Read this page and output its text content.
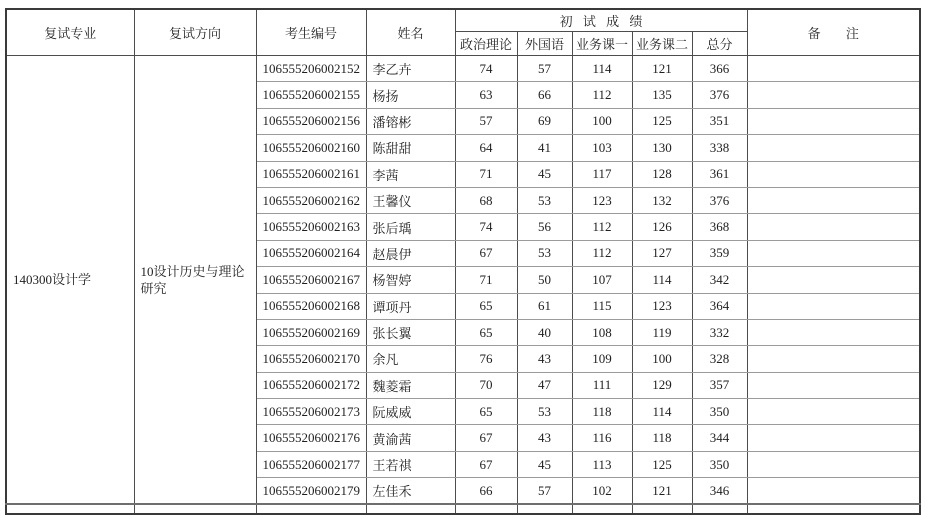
复试专业	复试方向	考生编号	姓名	初 试 成 绩					备 注
				政治理论	外国语	业务课一	业务课二	总分	
140300设计学	10设计历史与理论研究	106555206002152	李乙卉	74	57	114	121	366	
		106555206002155	杨扬	63	66	112	135	376	
		106555206002156	潘镕彬	57	69	100	125	351	
		106555206002160	陈甜甜	64	41	103	130	338	
		106555206002161	李茜	71	45	117	128	361	
		106555206002162	王馨仪	68	53	123	132	376	
		106555206002163	张后瑀	74	56	112	126	368	
		106555206002164	赵晨伊	67	53	112	127	359	
		106555206002167	杨智婷	71	50	107	114	342	
		106555206002168	谭项丹	65	61	115	123	364	
		106555206002169	张长翼	65	40	108	119	332	
		106555206002170	余凡	76	43	109	100	328	
		106555206002172	魏菱霜	70	47	111	129	357	
		106555206002173	阮威威	65	53	118	114	350	
		106555206002176	黄渝茜	67	43	116	118	344	
		106555206002177	王若祺	67	45	113	125	350	
		106555206002179	左佳禾	66	57	102	121	346	
